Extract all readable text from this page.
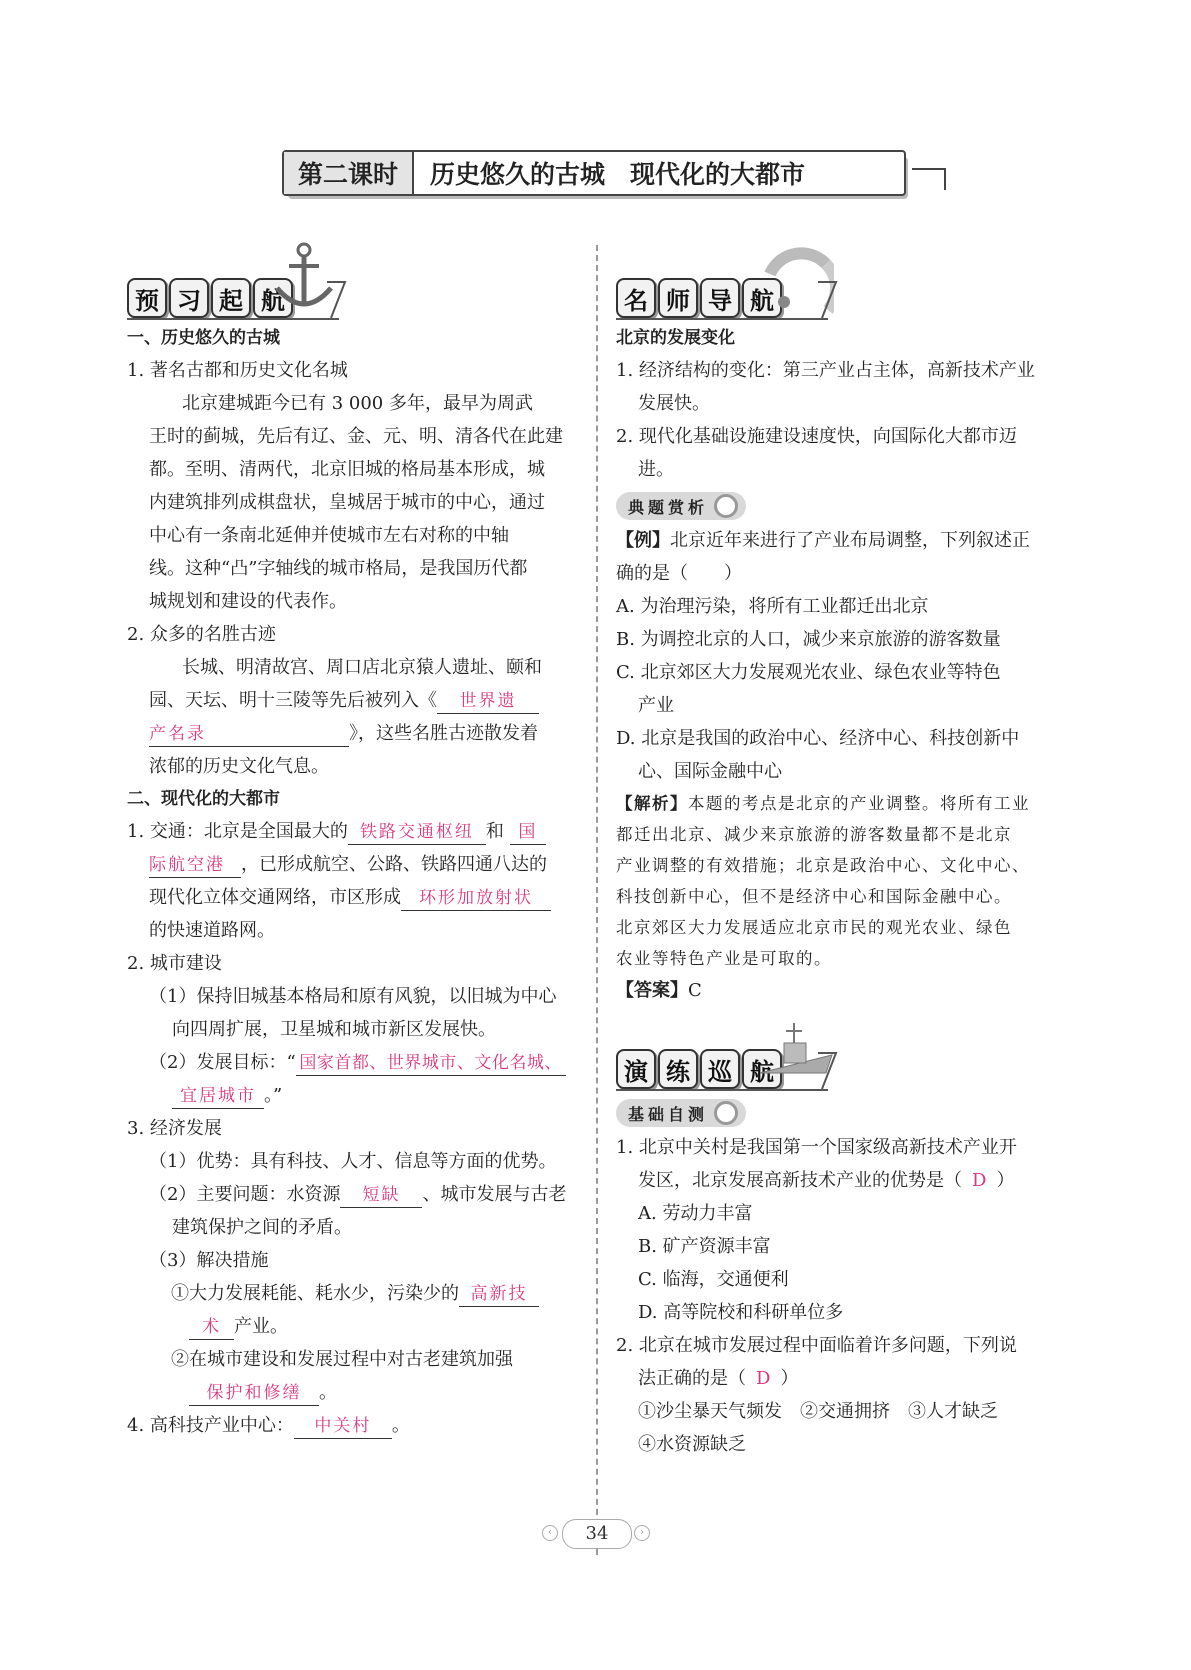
第二课时	历史悠久的古城　现代化的大都市
预 习 起 航
一、历史悠久的古城
1. 著名古都和历史文化名城
北京建城距今已有 3 000 多年，最早为周武
王时的蓟城，先后有辽、金、元、明、清各代在此建
都。至明、清两代，北京旧城的格局基本形成，城
内建筑排列成棋盘状，皇城居于城市的中心，通过
中心有一条南北延伸并使城市左右对称的中轴
线。这种“凸”字轴线的城市格局，是我国历代都
城规划和建设的代表作。
2. 众多的名胜古迹
长城、明清故宫、周口店北京猿人遗址、颐和
园、天坛、明十三陵等先后被列入《 世界遗
产名录	》，这些名胜古迹散发着
浓郁的历史文化气息。
二、现代化的大都市
1. 交通：北京是全国最大的 铁路交通枢纽 和 国
际航空港 ，已形成航空、公路、铁路四通八达的
现代化立体交通网络，市区形成 环形加放射状
的快速道路网。
2. 城市建设
（1）保持旧城基本格局和原有风貌，以旧城为中心
向四周扩展，卫星城和城市新区发展快。
（2）发展目标：“ 国家首都、世界城市、文化名城、
宜居城市 。”
3. 经济发展
（1）优势：具有科技、人才、信息等方面的优势。
（2）主要问题：水资源 短缺 、城市发展与古老
建筑保护之间的矛盾。
（3）解决措施
①大力发展耗能、耗水少，污染少的 高新技
术 产业。
②在城市建设和发展过程中对古老建筑加强
保护和修缮 。
4. 高科技产业中心： 中关村 。
名 师 导 航
北京的发展变化
1. 经济结构的变化：第三产业占主体，高新技术产业
发展快。
2. 现代化基础设施建设速度快，向国际化大都市迈
进。
典题赏析
【例】北京近年来进行了产业布局调整，下列叙述正
确的是（　　）
A. 为治理污染，将所有工业都迁出北京
B. 为调控北京的人口，减少来京旅游的游客数量
C. 北京郊区大力发展观光农业、绿色农业等特色
产业
D. 北京是我国的政治中心、经济中心、科技创新中
心、国际金融中心
【解析】本题的考点是北京的产业调整。将所有工业
都迁出北京、减少来京旅游的游客数量都不是北京
产业调整的有效措施；北京是政治中心、文化中心、
科技创新中心，但不是经济中心和国际金融中心。
北京郊区大力发展适应北京市民的观光农业、绿色
农业等特色产业是可取的。
【答案】C
演 练 巡 航
基础自测
1. 北京中关村是我国第一个国家级高新技术产业开
发区，北京发展高新技术产业的优势是（ D ）
A. 劳动力丰富
B. 矿产资源丰富
C. 临海，交通便利
D. 高等院校和科研单位多
2. 北京在城市发展过程中面临着许多问题，下列说
法正确的是（ D ）
①沙尘暴天气频发　②交通拥挤　③人才缺乏
④水资源缺乏
‹	34	›
